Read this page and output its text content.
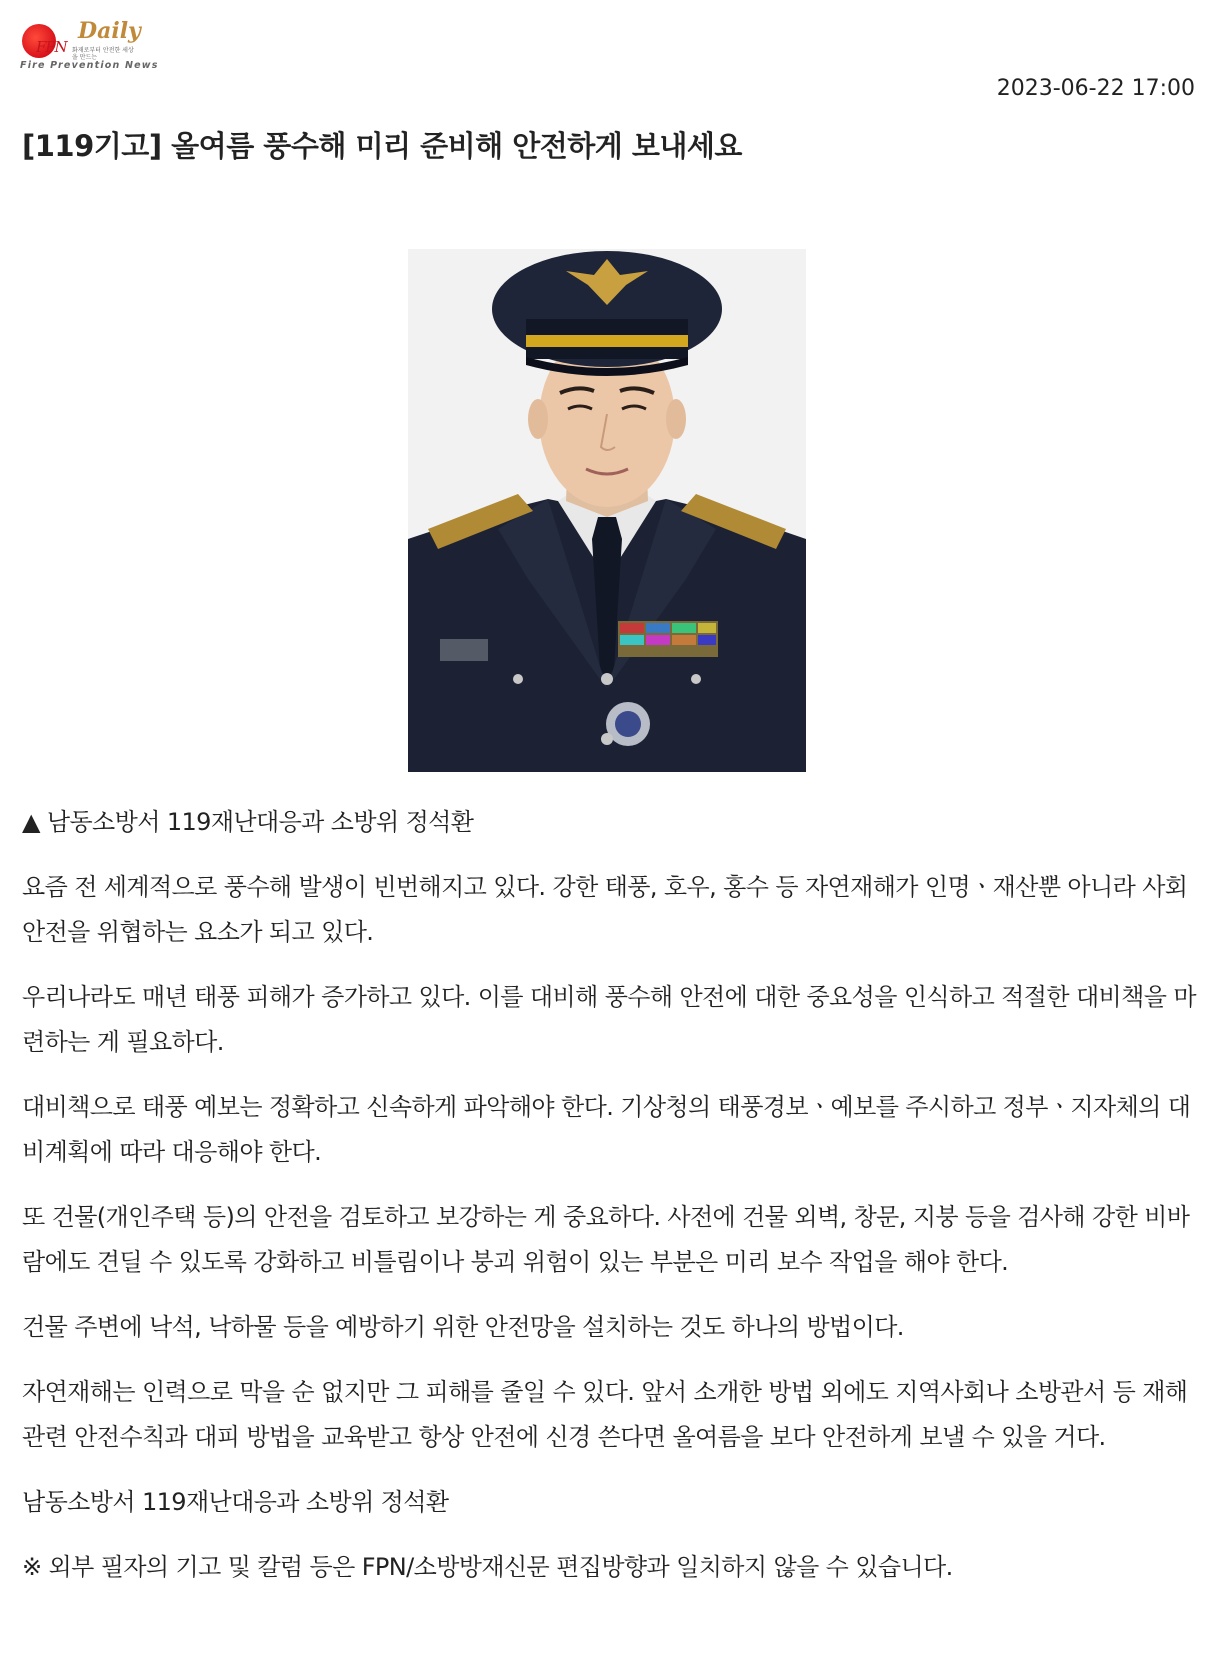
FPN
Daily
화재로부터 안전한 세상을 만드는
Fire Prevention News
2023-06-22 17:00
[119기고] 올여름 풍수해 미리 준비해 안전하게 보내세요

▲ 남동소방서 119재난대응과 소방위 정석환

요즘 전 세계적으로 풍수해 발생이 빈번해지고 있다. 강한 태풍, 호우, 홍수 등 자연재해가 인명ㆍ재산뿐 아니라 사회 안전을 위협하는 요소가 되고 있다.

우리나라도 매년 태풍 피해가 증가하고 있다. 이를 대비해 풍수해 안전에 대한 중요성을 인식하고 적절한 대비책을 마련하는 게 필요하다.

대비책으로 태풍 예보는 정확하고 신속하게 파악해야 한다. 기상청의 태풍경보ㆍ예보를 주시하고 정부ㆍ지자체의 대비계획에 따라 대응해야 한다.

또 건물(개인주택 등)의 안전을 검토하고 보강하는 게 중요하다. 사전에 건물 외벽, 창문, 지붕 등을 검사해 강한 비바람에도 견딜 수 있도록 강화하고 비틀림이나 붕괴 위험이 있는 부분은 미리 보수 작업을 해야 한다.

건물 주변에 낙석, 낙하물 등을 예방하기 위한 안전망을 설치하는 것도 하나의 방법이다.

자연재해는 인력으로 막을 순 없지만 그 피해를 줄일 수 있다. 앞서 소개한 방법 외에도 지역사회나 소방관서 등 재해 관련 안전수칙과 대피 방법을 교육받고 항상 안전에 신경 쓴다면 올여름을 보다 안전하게 보낼 수 있을 거다.

남동소방서 119재난대응과 소방위 정석환

※ 외부 필자의 기고 및 칼럼 등은 FPN/소방방재신문 편집방향과 일치하지 않을 수 있습니다.
